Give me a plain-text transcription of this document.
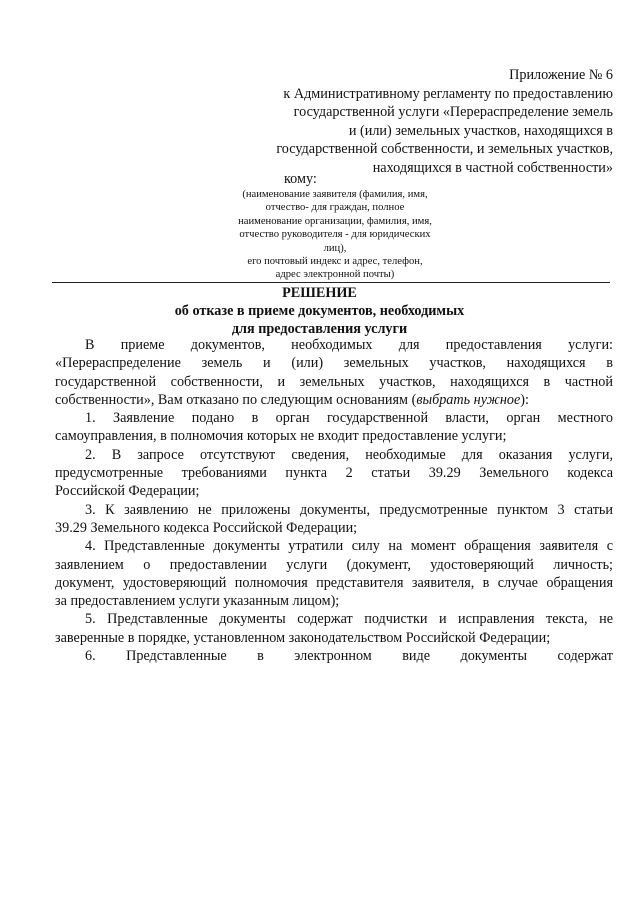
Приложение № 6
к Административному регламенту по предоставлению
государственной услуги «Перераспределение земель
и (или) земельных участков, находящихся в
государственной собственности, и земельных участков,
находящихся в частной собственности»
кому:
(наименование заявителя (фамилия, имя,
отчество- для граждан, полное
наименование организации, фамилия, имя,
отчество руководителя - для юридических
лиц),
его почтовый индекс и адрес, телефон,
адрес электронной почты)
РЕШЕНИЕ
об отказе в приеме документов, необходимых
для предоставления услуги
В     приеме     документов,     необходимых     для     предоставления     услуги:
«Перераспределение  земель  и  (или)  земельных  участков,  находящихся  в
государственной собственности, и земельных участков, находящихся в частной
собственности», Вам отказано по следующим основаниям (выбрать нужное):
1. Заявление подано в орган государственной власти, орган местного
самоуправления, в полномочия которых не входит предоставление услуги;
2. В запросе отсутствуют сведения, необходимые для оказания услуги,
предусмотренные требованиями пункта 2 статьи 39.29 Земельного кодекса
Российской Федерации;
3. К заявлению не приложены документы, предусмотренные пунктом 3 статьи
39.29 Земельного кодекса Российской Федерации;
4. Представленные документы утратили силу на момент обращения заявителя с
заявлением о предоставлении услуги (документ, удостоверяющий личность;
документ, удостоверяющий полномочия представителя заявителя, в случае обращения
за предоставлением услуги указанным лицом);
5. Представленные документы содержат подчистки и исправления текста, не
заверенные в порядке, установленном законодательством Российской Федерации;
6.     Представленные     в     электронном     виде     документы     содержат
